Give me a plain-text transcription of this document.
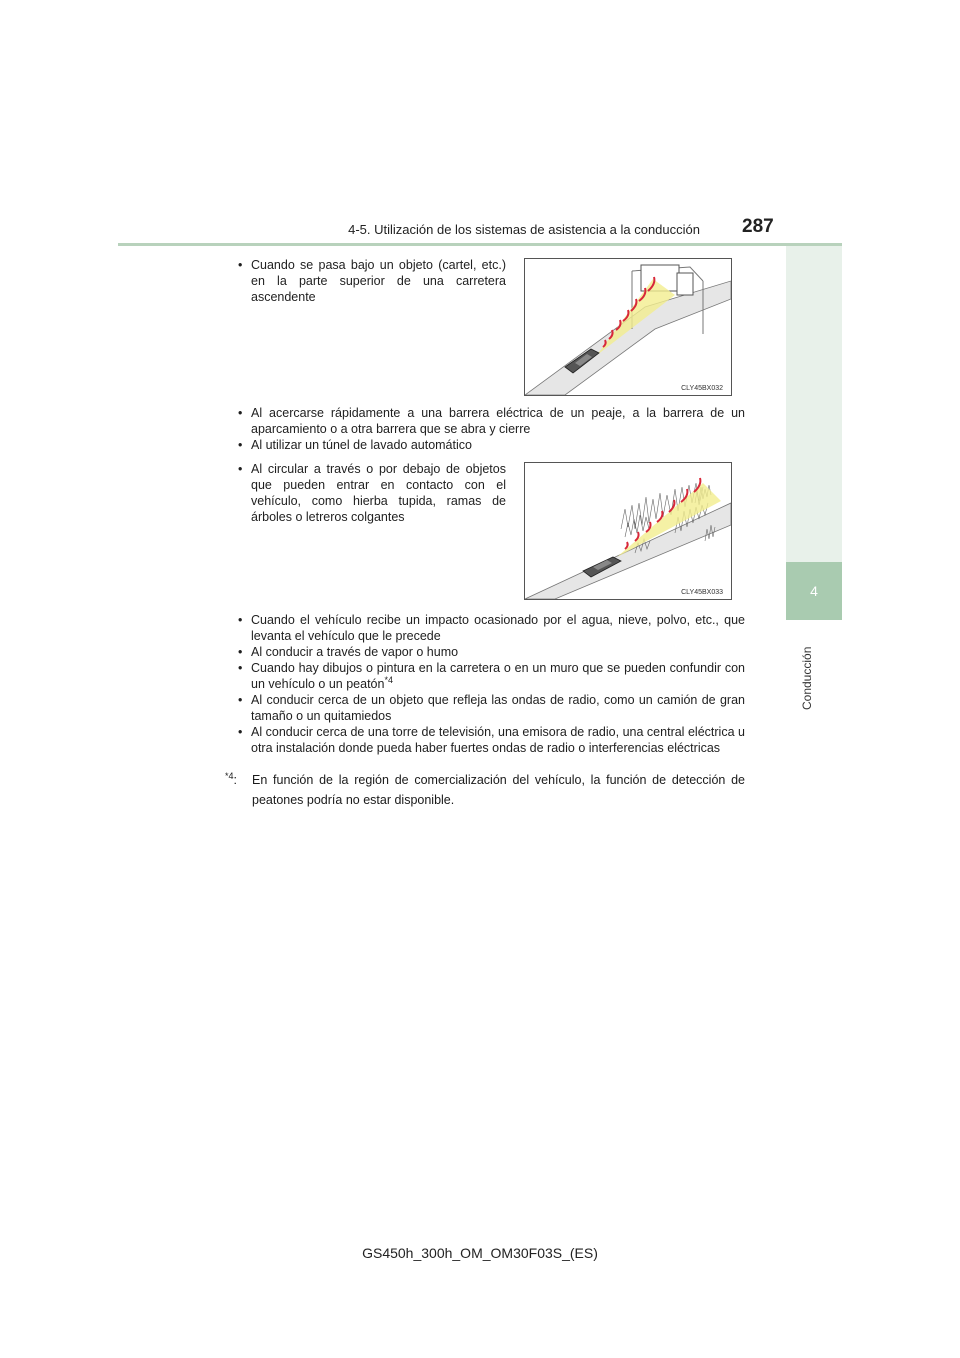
4-5. Utilización de los sistemas de asistencia a la conducción 287
4
Conducción
• Cuando se pasa bajo un objeto (cartel, etc.) en la parte superior de una carretera ascendente
CLY45BX032
• Al acercarse rápidamente a una barrera eléctrica de un peaje, a la barrera de un aparcamiento o a otra barrera que se abra y cierre
• Al utilizar un túnel de lavado automático
• Al circular a través o por debajo de objetos que pueden entrar en contacto con el vehículo, como hierba tupida, ramas de árboles o letreros colgantes
CLY45BX033
• Cuando el vehículo recibe un impacto ocasionado por el agua, nieve, polvo, etc., que levanta el vehículo que le precede
• Al conducir a través de vapor o humo
• Cuando hay dibujos o pintura en la carretera o en un muro que se pueden confundir con un vehículo o un peatón$^{*4}$
• Al conducir cerca de un objeto que refleja las ondas de radio, como un camión de gran tamaño o un quitamiedos
• Al conducir cerca de una torre de televisión, una emisora de radio, una central eléctrica u otra instalación donde pueda haber fuertes ondas de radio o interferencias eléctricas
$^{*4}$:	En función de la región de comercialización del vehículo, la función de detección de peatones podría no estar disponible.
GS450h_300h_OM_OM30F03S_(ES)
